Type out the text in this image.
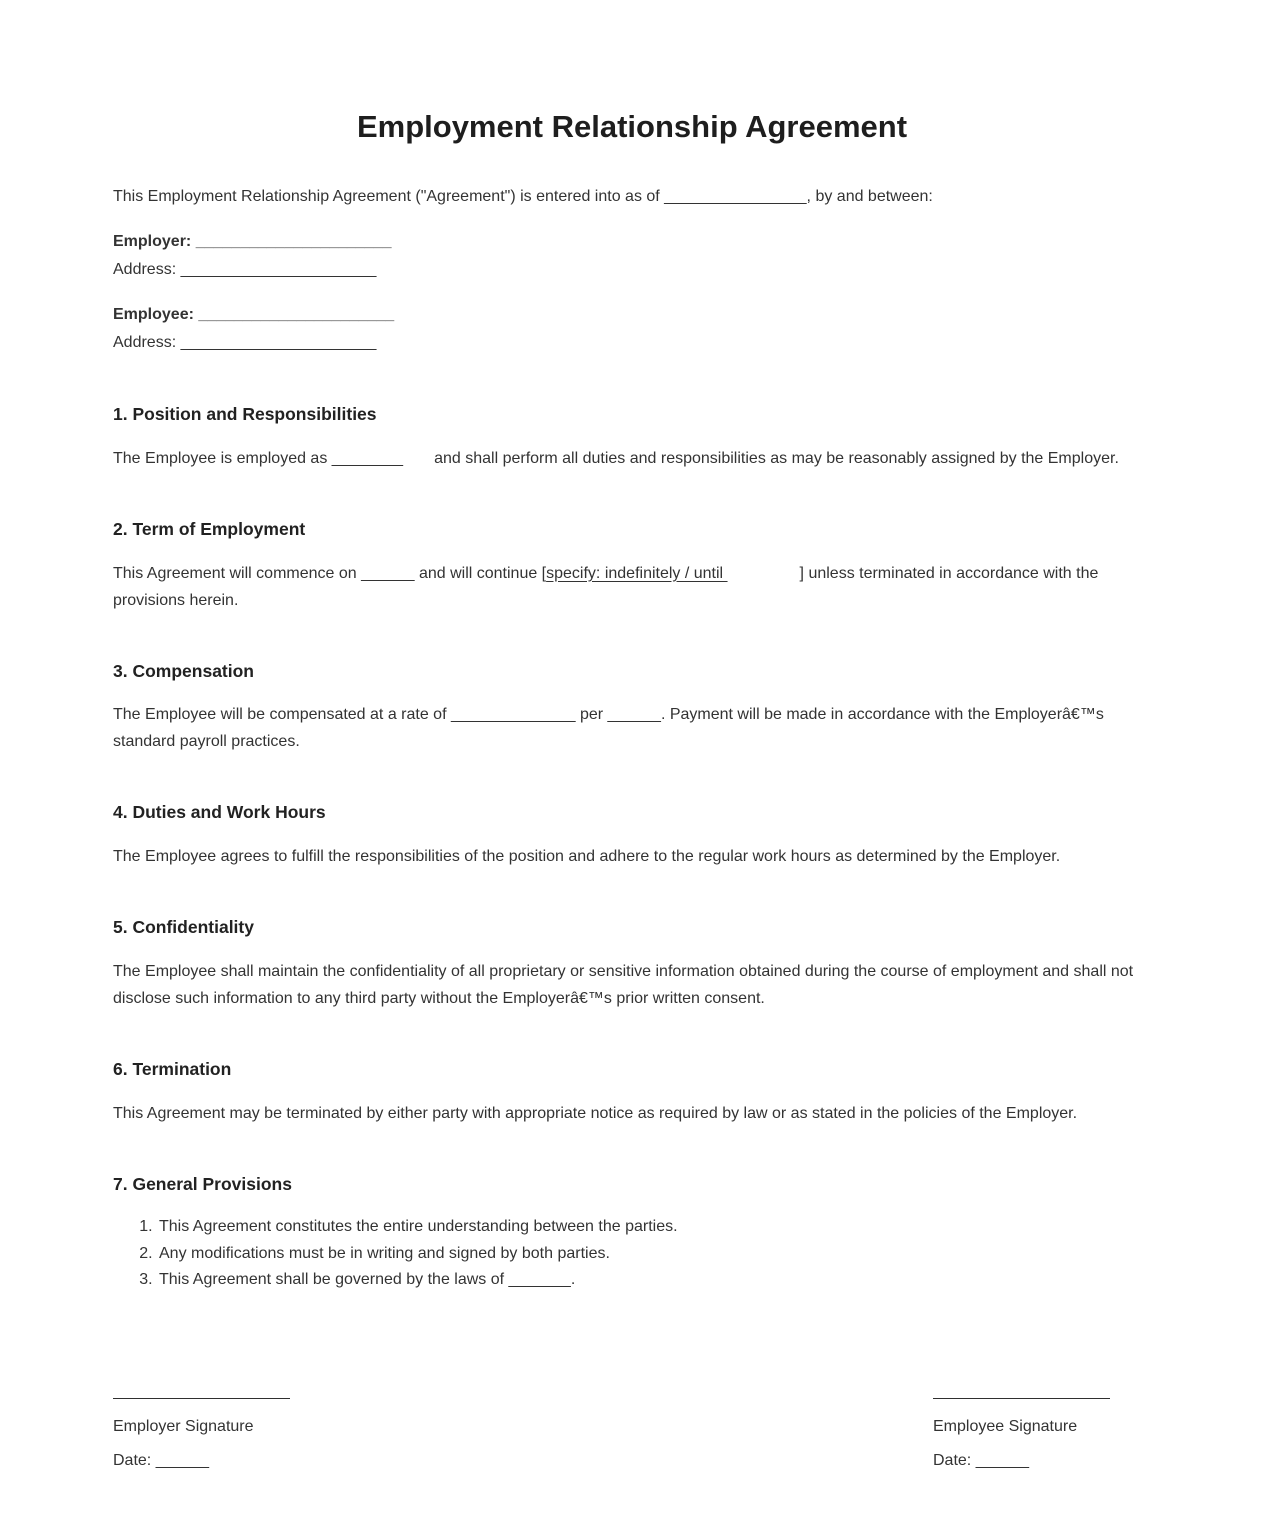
Employment Relationship Agreement

This Employment Relationship Agreement ("Agreement") is entered into as of ________________, by and between:

Employer: ______________________

Address: ______________________

Employee: ______________________

Address: ______________________

1. Position and Responsibilities

The Employee is employed as ________       and shall perform all duties and responsibilities as may be reasonably assigned by the Employer.

2. Term of Employment

This Agreement will commence on ______ and will continue [specify: indefinitely / until	] unless terminated in accordance with the provisions herein.

3. Compensation

The Employee will be compensated at a rate of ______________ per ______. Payment will be made in accordance with the Employerâ€™s standard payroll practices.

4. Duties and Work Hours

The Employee agrees to fulfill the responsibilities of the position and adhere to the regular work hours as determined by the Employer.

5. Confidentiality

The Employee shall maintain the confidentiality of all proprietary or sensitive information obtained during the course of employment and shall not disclose such information to any third party without the Employerâ€™s prior written consent.

6. Termination

This Agreement may be terminated by either party with appropriate notice as required by law or as stated in the policies of the Employer.

7. General Provisions
1. This Agreement constitutes the entire understanding between the parties.
2. Any modifications must be in writing and signed by both parties.
3. This Agreement shall be governed by the laws of _______.

Employer Signature

Date: ______

Employee Signature

Date: ______
